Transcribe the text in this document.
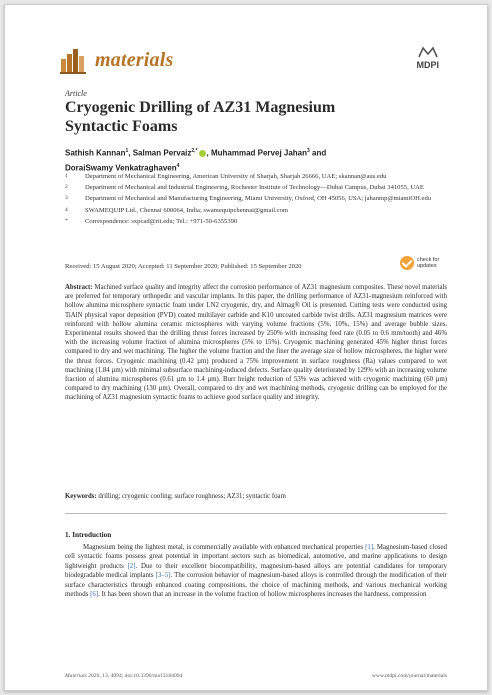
materials	MDPI
Article
Cryogenic Drilling of AZ31 Magnesium Syntactic Foams
Sathish Kannan$^1$, Salman Pervaiz$^{2,*}$ , Muhammad Pervej Jahan$^3$ and
DoraiSwamy Venkatraghaven$^4$
1	Department of Mechanical Engineering, American University of Sharjah, Sharjah 26666, UAE; skannan@aus.edu
2	Department of Mechanical and Industrial Engineering, Rochester Institute of Technology—Dubai Campus, Dubai 341055, UAE
3	Department of Mechanical and Manufacturing Engineering, Miami University, Oxford, OH 45056, USA; jahanmp@miamiOH.edu
4	SWAMEQUIP Ltd., Chennai 600064, India; swamequipchennai@gmail.com
*	Correspondence: sxpcad@rit.edu; Tel.: +971-50-6355390
Received: 15 August 2020; Accepted: 11 September 2020; Published: 15 September 2020
check for
updates
Abstract: Machined surface quality and integrity affect the corrosion performance of AZ31 magnesium composites. These novel materials are preferred for temporary orthopedic and vascular implants. In this paper, the drilling performance of AZ31-magnesium reinforced with hollow alumina microsphere syntactic foam under LN2 cryogenic, dry, and Almag® Oil is presented. Cutting tests were conducted using TiAlN physical vapor deposition (PVD) coated multilayer carbide and K10 uncoated carbide twist drills. AZ31 magnesium matrices were reinforced with hollow alumina ceramic microspheres with varying volume fractions (5%, 10%, 15%) and average bubble sizes. Experimental results showed that the drilling thrust forces increased by 250% with increasing feed rate (0.05 to 0.6 mm/tooth) and 46% with the increasing volume fraction of alumina microspheres (5% to 15%). Cryogenic machining generated 45% higher thrust forces compared to dry and wet machining. The higher the volume fraction and the finer the average size of hollow microspheres, the higher were the thrust forces. Cryogenic machining (0.42 µm) produced a 75% improvement in surface roughness (Ra) values compared to wet machining (1.84 µm) with minimal subsurface machining-induced defects. Surface quality deteriorated by 129% with an increasing volume fraction of alumina microspheres (0.61 µm to 1.4 µm). Burr height reduction of 53% was achieved with cryogenic machining (60 µm) compared to dry machining (130 µm). Overall, compared to dry and wet machining methods, cryogenic drilling can be employed for the machining of AZ31 magnesium syntactic foams to achieve good surface quality and integrity.
Keywords: drilling; cryogenic cooling; surface roughness; AZ31; syntactic foam
1. Introduction
Magnesium being the lightest metal, is commercially available with enhanced mechanical properties [1]. Magnesium-based closed cell syntactic foams possess great potential in important sectors such as biomedical, automotive, and marine applications to design lightweight products [2]. Due to their excellent biocompatibility, magnesium-based alloys are potential candidates for temporary biodegradable medical implants [3–5]. The corrosion behavior of magnesium-based alloys is controlled through the modification of their surface characteristics through enhanced coating compositions, the choice of machining methods, and various mechanical working methods [6]. It has been shown that an increase in the volume fraction of hollow microspheres increases the hardness, compression
Materials 2020, 13, 4094; doi:10.3390/ma13184094	www.mdpi.com/journal/materials
